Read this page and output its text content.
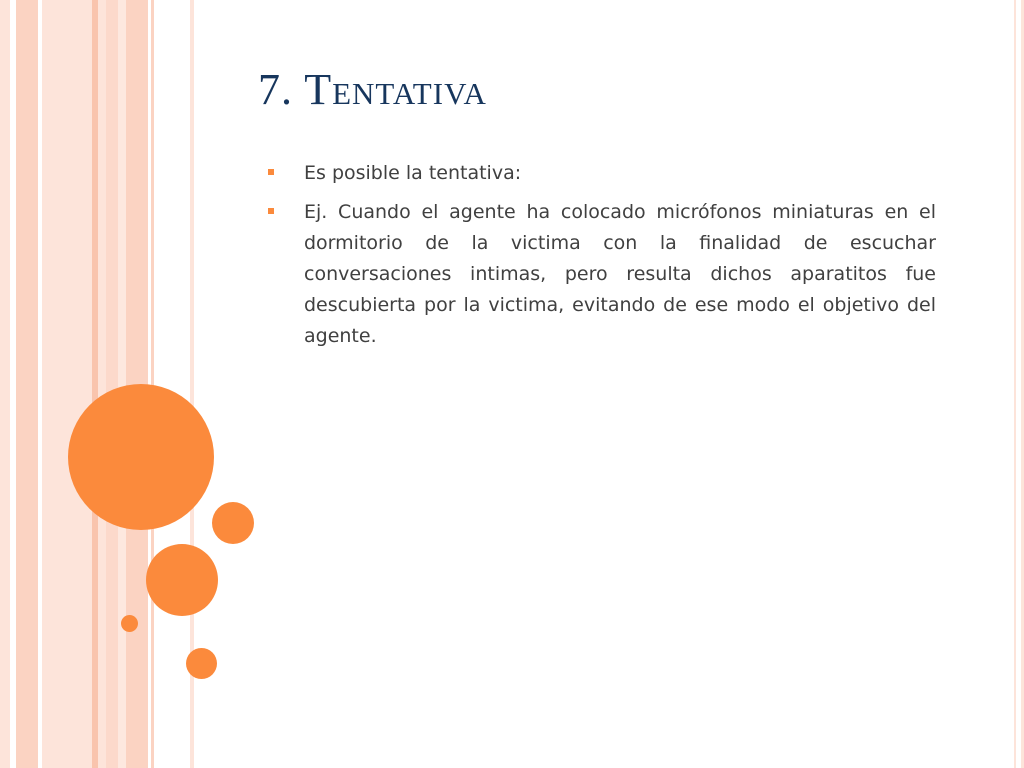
7. Tentativa
Es posible la tentativa:
Ej. Cuando el agente ha colocado micrófonos miniaturas en el dormitorio de la victima con la finalidad de escuchar conversaciones intimas, pero resulta dichos aparatitos fue descubierta por la victima, evitando de ese modo el objetivo del agente.
